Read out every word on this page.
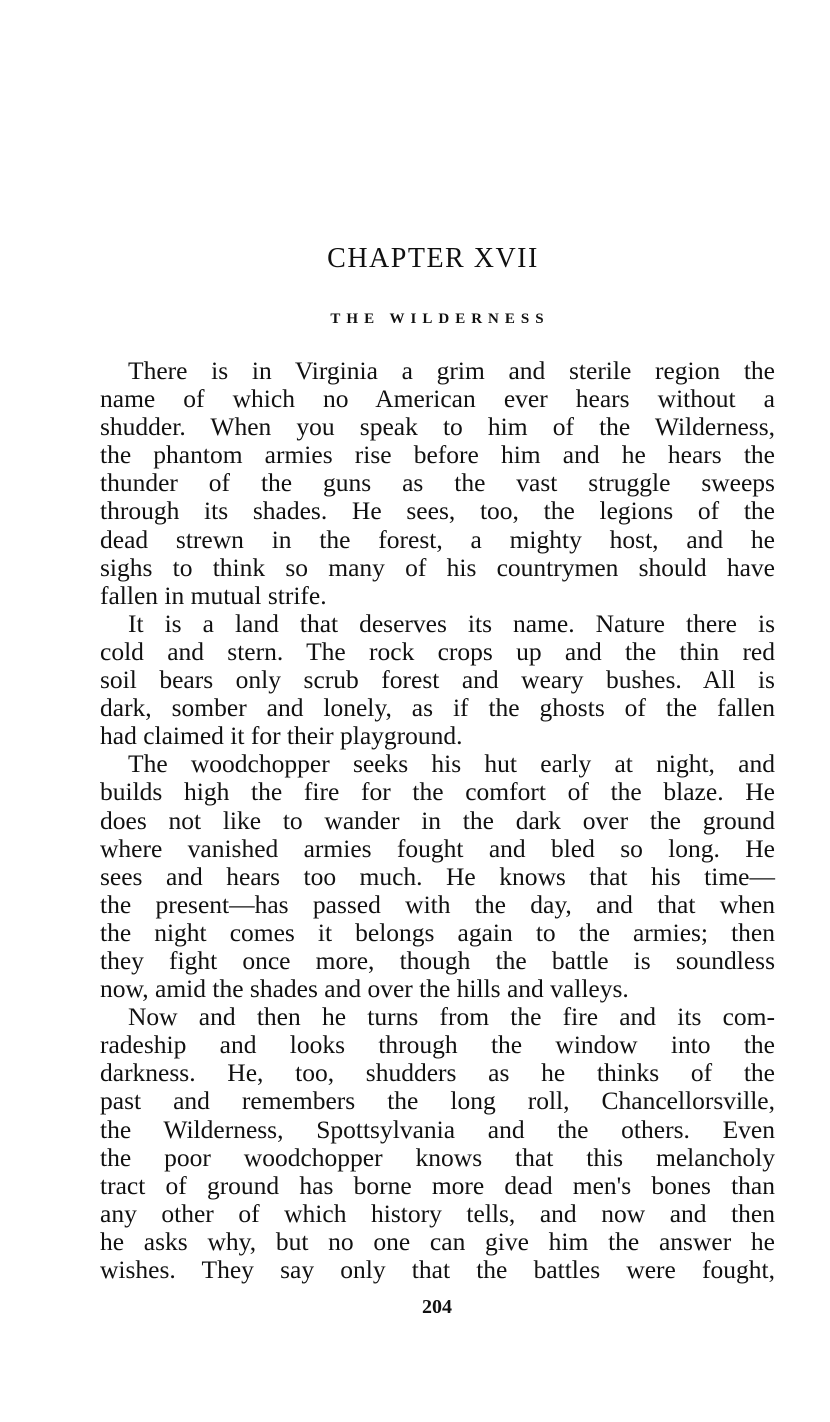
CHAPTER XVII
THE WILDERNESS
There is in Virginia a grim and sterile region the
name of which no American ever hears without a
shudder. When you speak to him of the Wilderness,
the phantom armies rise before him and he hears the
thunder of the guns as the vast struggle sweeps
through its shades. He sees, too, the legions of the
dead strewn in the forest, a mighty host, and he
sighs to think so many of his countrymen should have
fallen in mutual strife.
It is a land that deserves its name. Nature there is
cold and stern. The rock crops up and the thin red
soil bears only scrub forest and weary bushes. All is
dark, somber and lonely, as if the ghosts of the fallen
had claimed it for their playground.
The woodchopper seeks his hut early at night, and
builds high the fire for the comfort of the blaze. He
does not like to wander in the dark over the ground
where vanished armies fought and bled so long. He
sees and hears too much. He knows that his time—
the present—has passed with the day, and that when
the night comes it belongs again to the armies; then
they fight once more, though the battle is soundless
now, amid the shades and over the hills and valleys.
Now and then he turns from the fire and its com-
radeship and looks through the window into the
darkness. He, too, shudders as he thinks of the
past and remembers the long roll, Chancellorsville,
the Wilderness, Spottsylvania and the others. Even
the poor woodchopper knows that this melancholy
tract of ground has borne more dead men's bones than
any other of which history tells, and now and then
he asks why, but no one can give him the answer he
wishes. They say only that the battles were fought,
204
